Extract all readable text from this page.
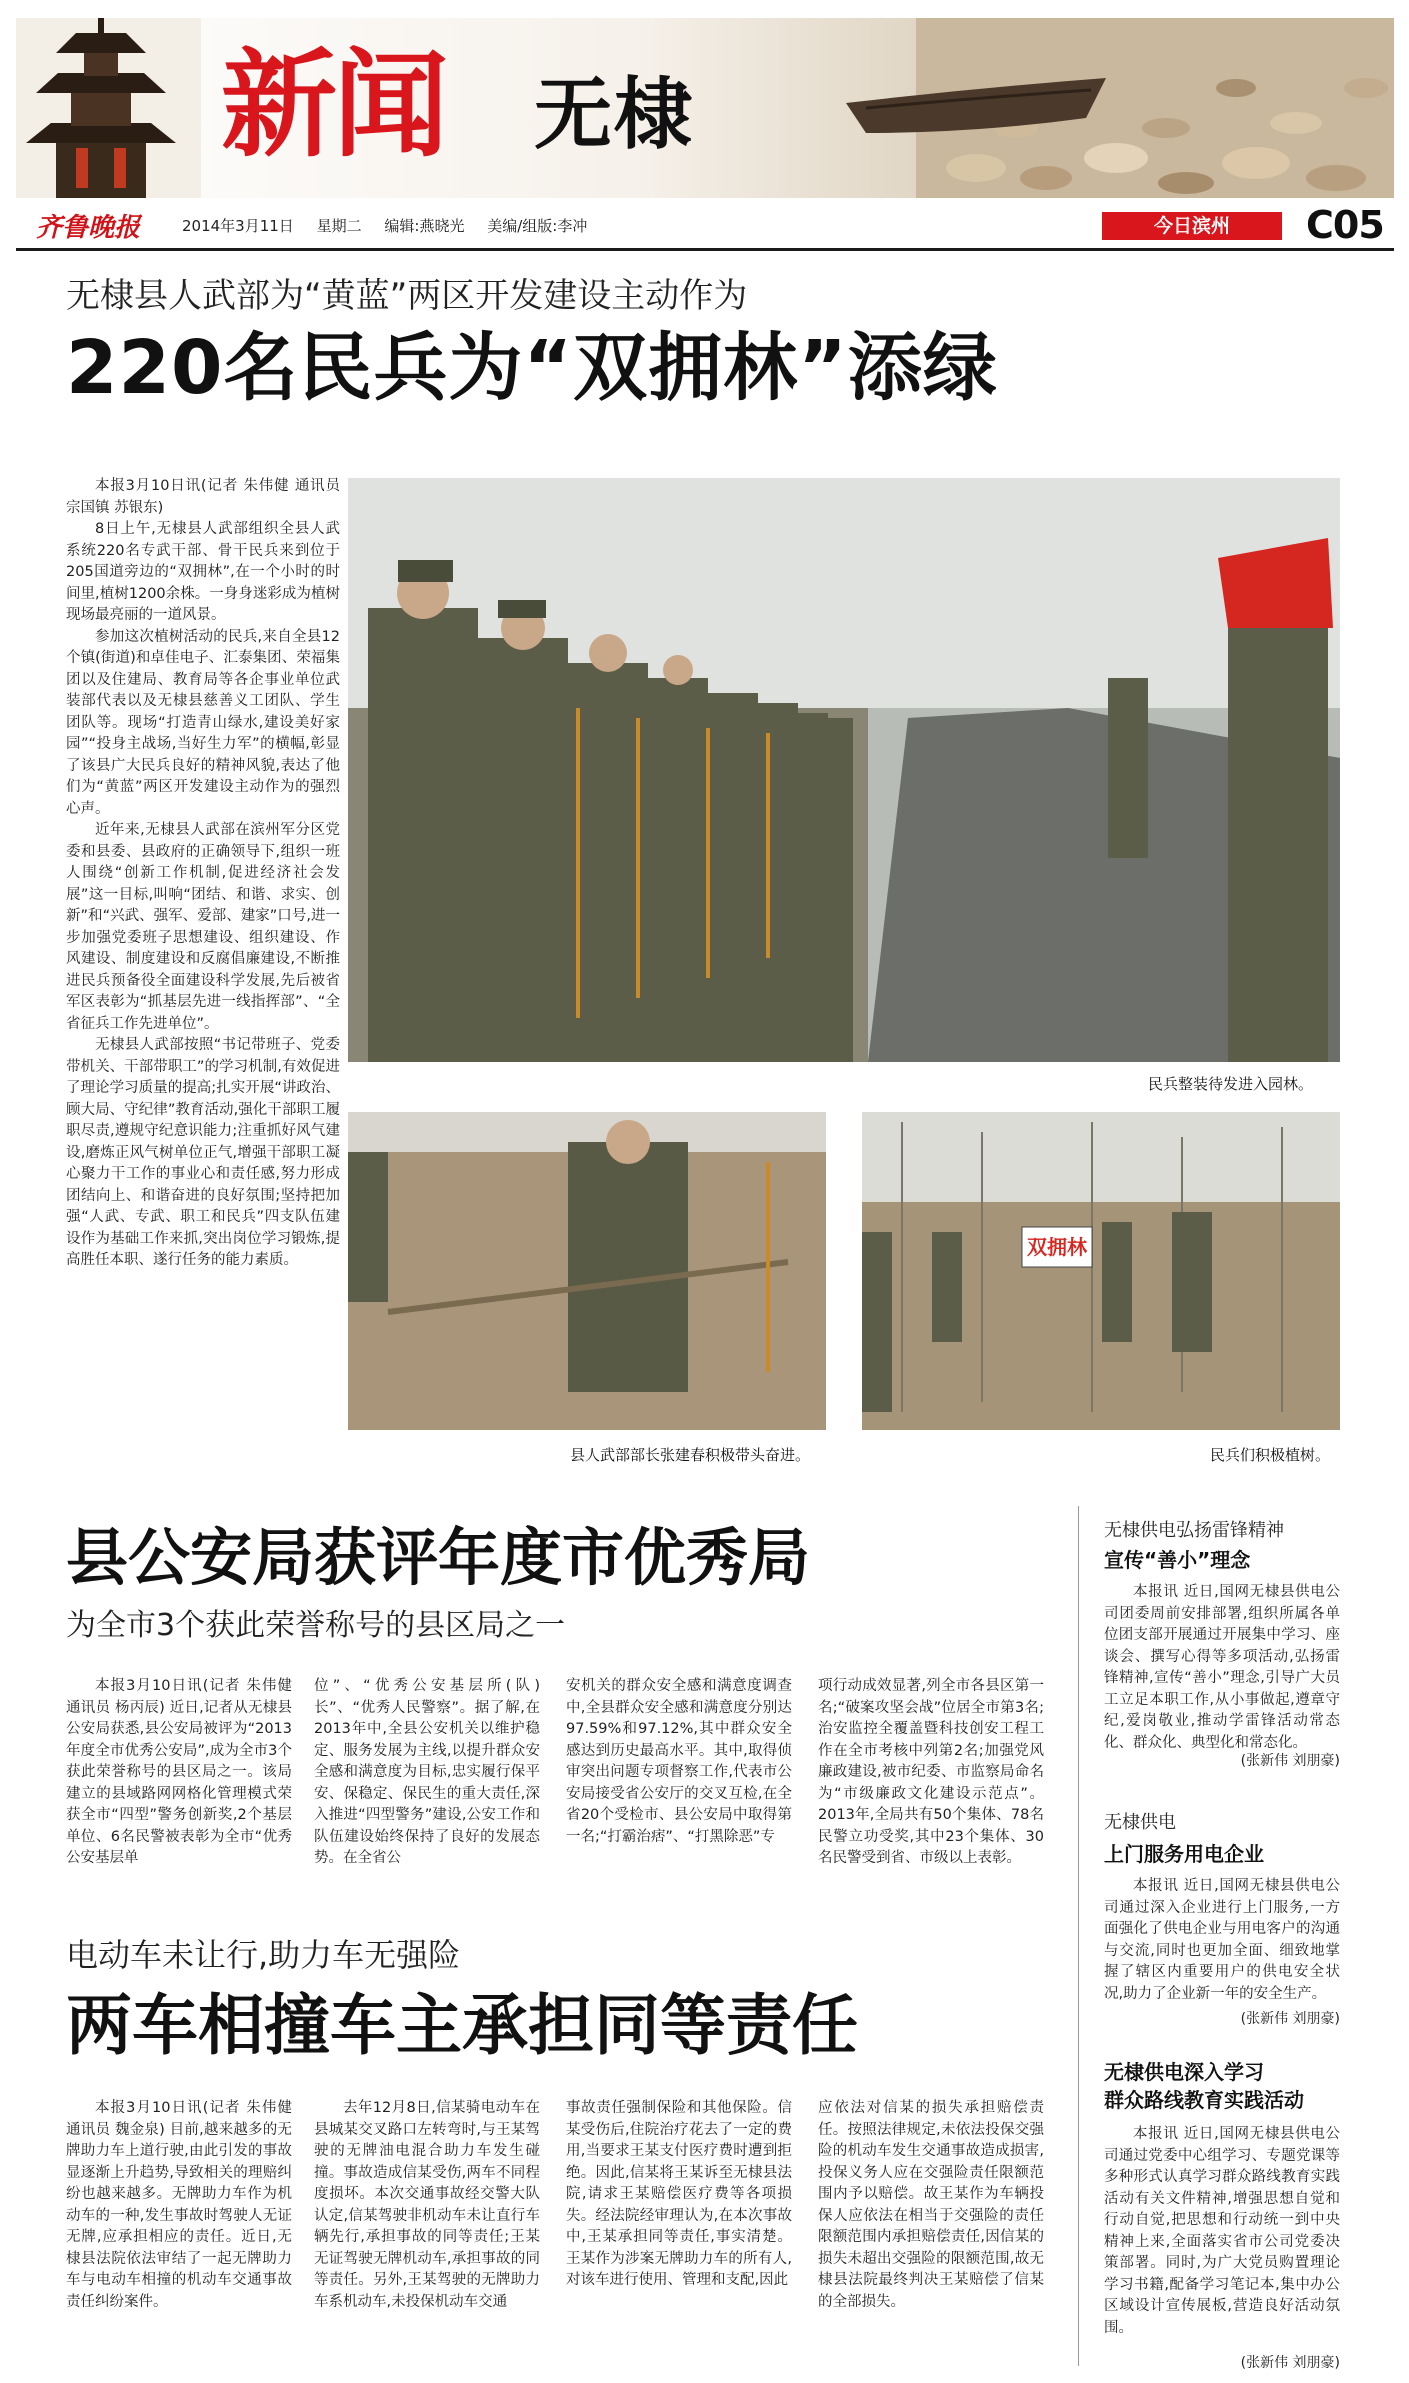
新闻 无棣
齐鲁晚报	2014年3月11日 星期二 编辑:燕晓光 美编/组版:李冲	今日滨州	C05
无棣县人武部为“黄蓝”两区开发建设主动作为
220名民兵为“双拥林”添绿

本报3月10日讯(记者 朱伟健 通讯员 宗国镇 苏银东)

8日上午,无棣县人武部组织全县人武系统220名专武干部、骨干民兵来到位于205国道旁边的“双拥林”,在一个小时的时间里,植树1200余株。一身身迷彩成为植树现场最亮丽的一道风景。

参加这次植树活动的民兵,来自全县12个镇(街道)和卓佳电子、汇泰集团、荣福集团以及住建局、教育局等各企事业单位武装部代表以及无棣县慈善义工团队、学生团队等。现场“打造青山绿水,建设美好家园”“投身主战场,当好生力军”的横幅,彰显了该县广大民兵良好的精神风貌,表达了他们为“黄蓝”两区开发建设主动作为的强烈心声。

近年来,无棣县人武部在滨州军分区党委和县委、县政府的正确领导下,组织一班人围绕“创新工作机制,促进经济社会发展”这一目标,叫响“团结、和谐、求实、创新”和“兴武、强军、爱部、建家”口号,进一步加强党委班子思想建设、组织建设、作风建设、制度建设和反腐倡廉建设,不断推进民兵预备役全面建设科学发展,先后被省军区表彰为“抓基层先进一线指挥部”、“全省征兵工作先进单位”。

无棣县人武部按照“书记带班子、党委带机关、干部带职工”的学习机制,有效促进了理论学习质量的提高;扎实开展“讲政治、顾大局、守纪律”教育活动,强化干部职工履职尽责,遵规守纪意识能力;注重抓好风气建设,磨炼正风气树单位正气,增强干部职工凝心聚力干工作的事业心和责任感,努力形成团结向上、和谐奋进的良好氛围;坚持把加强“人武、专武、职工和民兵”四支队伍建设作为基础工作来抓,突出岗位学习锻炼,提高胜任本职、遂行任务的能力素质。

民兵整装待发进入园林。
县人武部部长张建春积极带头奋进。
双拥林
民兵们积极植树。
县公安局获评年度市优秀局
为全市3个获此荣誉称号的县区局之一

本报3月10日讯(记者 朱伟健 通讯员 杨丙辰) 近日,记者从无棣县公安局获悉,县公安局被评为“2013年度全市优秀公安局”,成为全市3个获此荣誉称号的县区局之一。该局建立的县域路网网格化管理模式荣获全市“四型”警务创新奖,2个基层单位、6名民警被表彰为全市“优秀公安基层单

位”、“优秀公安基层所(队)长”、“优秀人民警察”。据了解,在2013年中,全县公安机关以维护稳定、服务发展为主线,以提升群众安全感和满意度为目标,忠实履行保平安、保稳定、保民生的重大责任,深入推进“四型警务”建设,公安工作和队伍建设始终保持了良好的发展态势。在全省公

安机关的群众安全感和满意度调查中,全县群众安全感和满意度分别达97.59%和97.12%,其中群众安全感达到历史最高水平。其中,取得侦审突出问题专项督察工作,代表市公安局接受省公安厅的交叉互检,在全省20个受检市、县公安局中取得第一名;“打霸治痞”、“打黑除恶”专

项行动成效显著,列全市各县区第一名;“破案攻坚会战”位居全市第3名;治安监控全覆盖暨科技创安工程工作在全市考核中列第2名;加强党风廉政建设,被市纪委、市监察局命名为“市级廉政文化建设示范点”。2013年,全局共有50个集体、78名民警立功受奖,其中23个集体、30名民警受到省、市级以上表彰。

电动车未让行,助力车无强险
两车相撞车主承担同等责任

本报3月10日讯(记者 朱伟健 通讯员 魏金泉) 目前,越来越多的无牌助力车上道行驶,由此引发的事故显逐渐上升趋势,导致相关的理赔纠纷也越来越多。无牌助力车作为机动车的一种,发生事故时驾驶人无证无牌,应承担相应的责任。近日,无棣县法院依法审结了一起无牌助力车与电动车相撞的机动车交通事故责任纠纷案件。

去年12月8日,信某骑电动车在县城某交叉路口左转弯时,与王某驾驶的无牌油电混合助力车发生碰撞。事故造成信某受伤,两车不同程度损坏。本次交通事故经交警大队认定,信某驾驶非机动车未让直行车辆先行,承担事故的同等责任;王某无证驾驶无牌机动车,承担事故的同等责任。另外,王某驾驶的无牌助力车系机动车,未投保机动车交通

事故责任强制保险和其他保险。信某受伤后,住院治疗花去了一定的费用,当要求王某支付医疗费时遭到拒绝。因此,信某将王某诉至无棣县法院,请求王某赔偿医疗费等各项损失。经法院经审理认为,在本次事故中,王某承担同等责任,事实清楚。王某作为涉案无牌助力车的所有人,对该车进行使用、管理和支配,因此

应依法对信某的损失承担赔偿责任。按照法律规定,未依法投保交强险的机动车发生交通事故造成损害,投保义务人应在交强险责任限额范围内予以赔偿。故王某作为车辆投保人应依法在相当于交强险的责任限额范围内承担赔偿责任,因信某的损失未超出交强险的限额范围,故无棣县法院最终判决王某赔偿了信某的全部损失。

无棣供电弘扬雷锋精神
宣传“善小”理念

本报讯 近日,国网无棣县供电公司团委周前安排部署,组织所属各单位团支部开展通过开展集中学习、座谈会、撰写心得等多项活动,弘扬雷锋精神,宣传“善小”理念,引导广大员工立足本职工作,从小事做起,遵章守纪,爱岗敬业,推动学雷锋活动常态化、群众化、典型化和常态化。

(张新伟 刘朋豪)
无棣供电
上门服务用电企业

本报讯 近日,国网无棣县供电公司通过深入企业进行上门服务,一方面强化了供电企业与用电客户的沟通与交流,同时也更加全面、细致地掌握了辖区内重要用户的供电安全状况,助力了企业新一年的安全生产。

(张新伟 刘朋豪)
无棣供电深入学习
群众路线教育实践活动

本报讯 近日,国网无棣县供电公司通过党委中心组学习、专题党课等多种形式认真学习群众路线教育实践活动有关文件精神,增强思想自觉和行动自觉,把思想和行动统一到中央精神上来,全面落实省市公司党委决策部署。同时,为广大党员购置理论学习书籍,配备学习笔记本,集中办公区域设计宣传展板,营造良好活动氛围。

(张新伟 刘朋豪)
